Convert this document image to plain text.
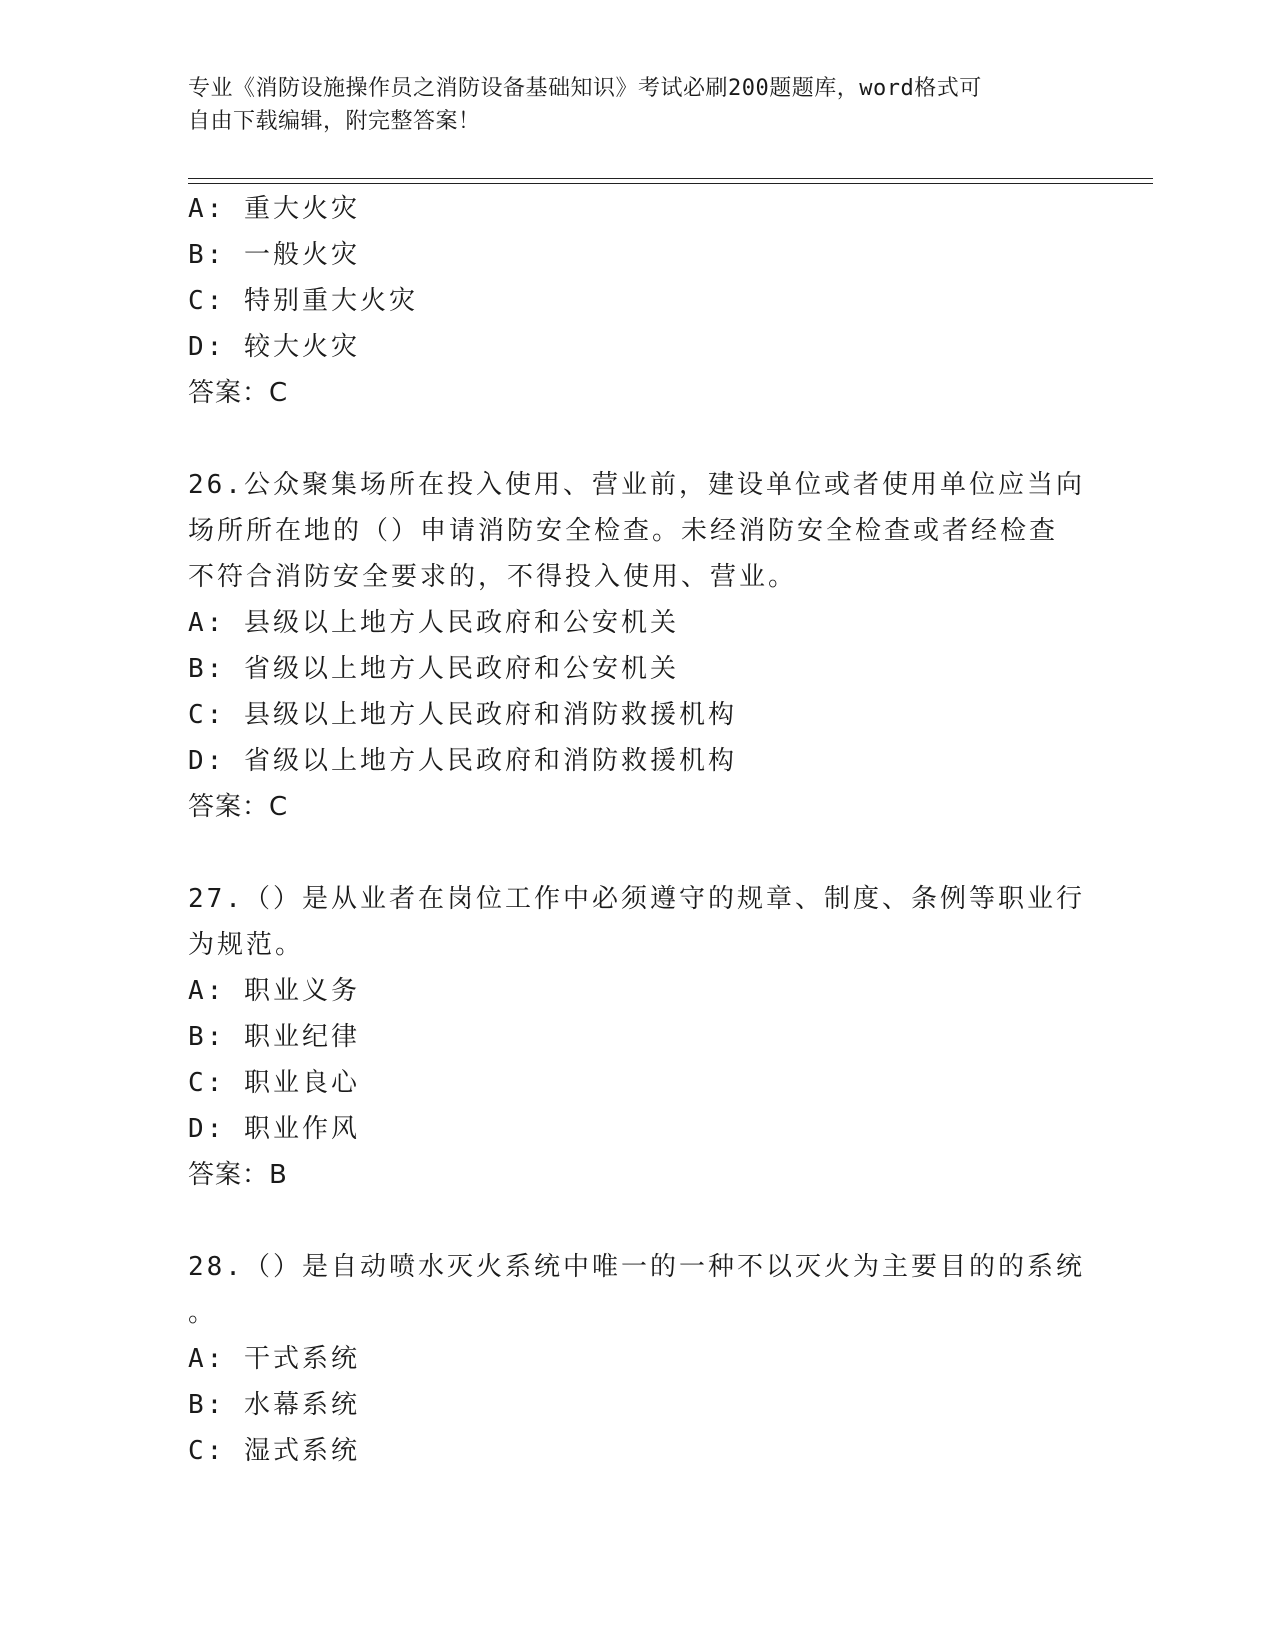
专业《消防设施操作员之消防设备基础知识》考试必刷200题题库，word格式可
自由下载编辑，附完整答案！
A: 重大火灾
B: 一般火灾
C: 特别重大火灾
D: 较大火灾
答案：C
26.公众聚集场所在投入使用、营业前，建设单位或者使用单位应当向
场所所在地的（）申请消防安全检查。未经消防安全检查或者经检查
不符合消防安全要求的，不得投入使用、营业。
A: 县级以上地方人民政府和公安机关
B: 省级以上地方人民政府和公安机关
C: 县级以上地方人民政府和消防救援机构
D: 省级以上地方人民政府和消防救援机构
答案：C
27.（）是从业者在岗位工作中必须遵守的规章、制度、条例等职业行
为规范。
A: 职业义务
B: 职业纪律
C: 职业良心
D: 职业作风
答案：B
28.（）是自动喷水灭火系统中唯一的一种不以灭火为主要目的的系统
。
A: 干式系统
B: 水幕系统
C: 湿式系统
